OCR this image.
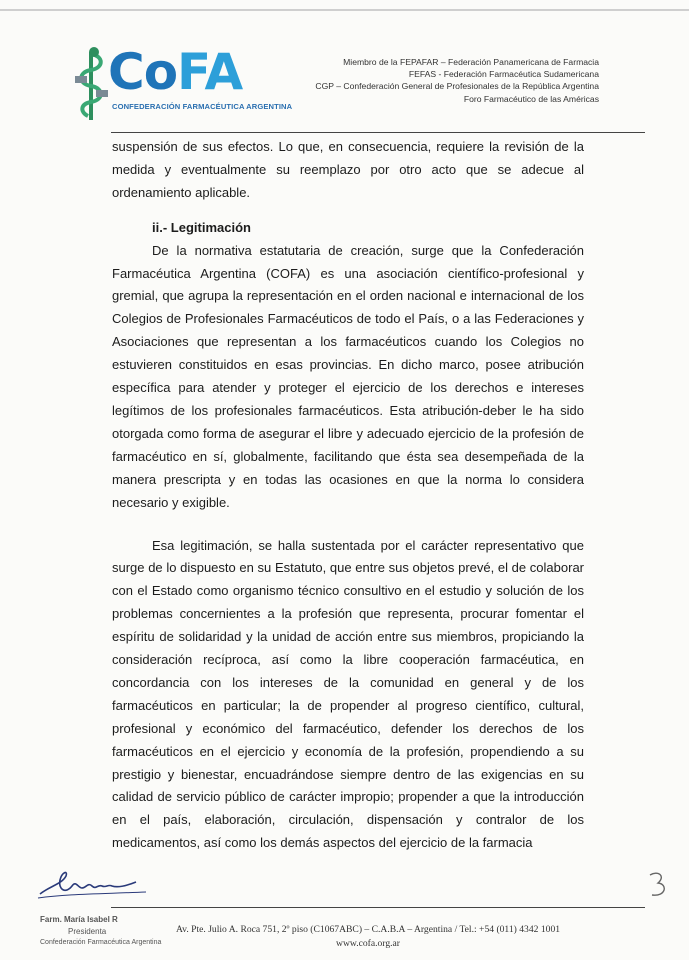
CoFA
CONFEDERACIÓN FARMACÉUTICA ARGENTINA
Miembro de la FEPAFAR – Federación Panamericana de Farmacia
FEFAS - Federación Farmacéutica Sudamericana
CGP – Confederación General de Profesionales de la República Argentina
Foro Farmacéutico de las Américas

suspensión de sus efectos. Lo que, en consecuencia, requiere la revisión de la medida y eventualmente su reemplazo por otro acto que se adecue al ordenamiento aplicable.

ii.- Legitimación

De la normativa estatutaria de creación, surge que la Confederación Farmacéutica Argentina (COFA) es una asociación científico-profesional y gremial, que agrupa la representación en el orden nacional e internacional de los Colegios de Profesionales Farmacéuticos de todo el País, o a las Federaciones y Asociaciones que representan a los farmacéuticos cuando los Colegios no estuvieren constituidos en esas provincias. En dicho marco, posee atribución específica para atender y proteger el ejercicio de los derechos e intereses legítimos de los profesionales farmacéuticos. Esta atribución-deber le ha sido otorgada como forma de asegurar el libre y adecuado ejercicio de la profesión de farmacéutico en sí, globalmente, facilitando que ésta sea desempeñada de la manera prescripta y en todas las ocasiones en que la norma lo considera necesario y exigible.

Esa legitimación, se halla sustentada por el carácter representativo que surge de lo dispuesto en su Estatuto, que entre sus objetos prevé, el de colaborar con el Estado como organismo técnico consultivo en el estudio y solución de los problemas concernientes a la profesión que representa, procurar fomentar el espíritu de solidaridad y la unidad de acción entre sus miembros, propiciando la consideración recíproca, así como la libre cooperación farmacéutica, en concordancia con los intereses de la comunidad en general y de los farmacéuticos en particular; la de propender al progreso científico, cultural, profesional y económico del farmacéutico, defender los derechos de los farmacéuticos en el ejercicio y economía de la profesión, propendiendo a su prestigio y bienestar, encuadrándose siempre dentro de las exigencias en su calidad de servicio público de carácter impropio; propender a que la introducción en el país, elaboración, circulación, dispensación y contralor de los medicamentos, así como los demás aspectos del ejercicio de la farmacia

Farm. María Isabel R
Presidenta
Confederación Farmacéutica Argentina
Av. Pte. Julio A. Roca 751, 2º piso (C1067ABC) – C.A.B.A – Argentina / Tel.: +54 (011) 4342 1001
www.cofa.org.ar
